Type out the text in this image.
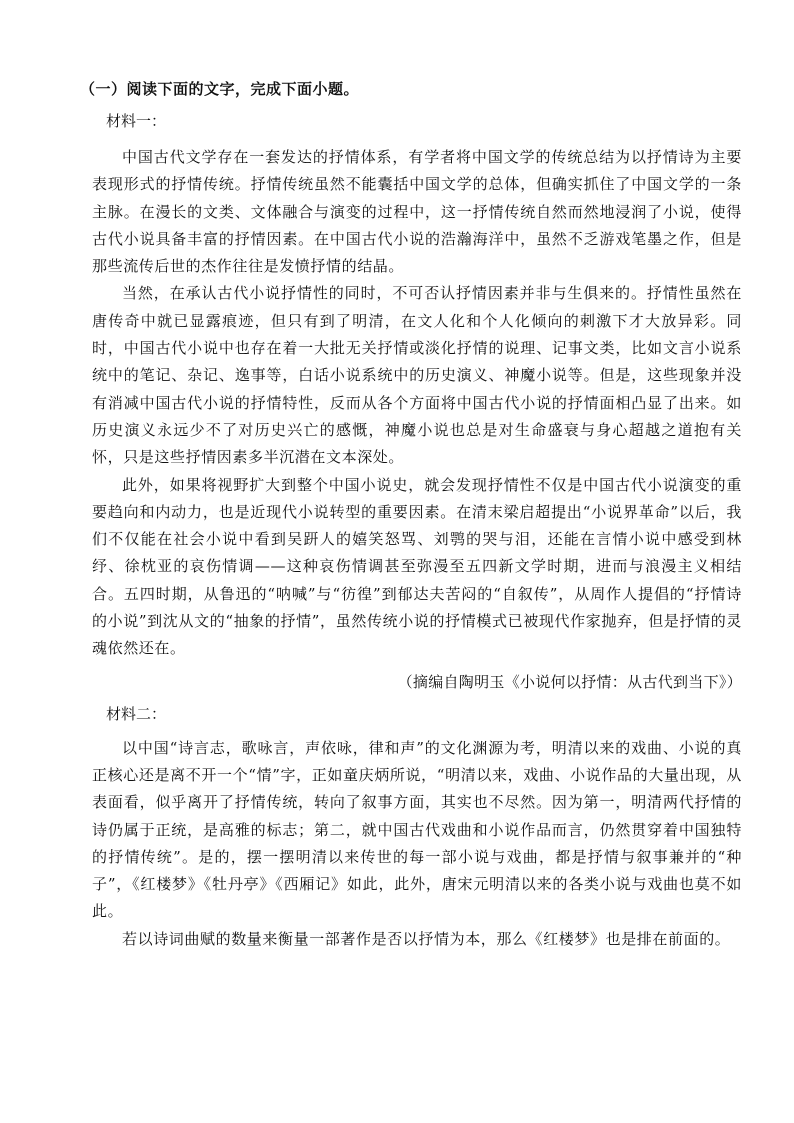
（一）阅读下面的文字，完成下面小题。
材料一：

中国古代文学存在一套发达的抒情体系，有学者将中国文学的传统总结为以抒情诗为主要表现形式的抒情传统。抒情传统虽然不能囊括中国文学的总体，但确实抓住了中国文学的一条主脉。在漫长的文类、文体融合与演变的过程中，这一抒情传统自然而然地浸润了小说，使得古代小说具备丰富的抒情因素。在中国古代小说的浩瀚海洋中，虽然不乏游戏笔墨之作，但是那些流传后世的杰作往往是发愤抒情的结晶。

当然，在承认古代小说抒情性的同时，不可否认抒情因素并非与生俱来的。抒情性虽然在唐传奇中就已显露痕迹，但只有到了明清，在文人化和个人化倾向的刺激下才大放异彩。同时，中国古代小说中也存在着一大批无关抒情或淡化抒情的说理、记事文类，比如文言小说系统中的笔记、杂记、逸事等，白话小说系统中的历史演义、神魔小说等。但是，这些现象并没有消减中国古代小说的抒情特性，反而从各个方面将中国古代小说的抒情面相凸显了出来。如历史演义永远少不了对历史兴亡的感慨，神魔小说也总是对生命盛衰与身心超越之道抱有关怀，只是这些抒情因素多半沉潜在文本深处。

此外，如果将视野扩大到整个中国小说史，就会发现抒情性不仅是中国古代小说演变的重要趋向和内动力，也是近现代小说转型的重要因素。在清末梁启超提出“小说界革命”以后，我们不仅能在社会小说中看到吴趼人的嬉笑怒骂、刘鹗的哭与泪，还能在言情小说中感受到林纾、徐枕亚的哀伤情调——这种哀伤情调甚至弥漫至五四新文学时期，进而与浪漫主义相结合。五四时期，从鲁迅的“呐喊”与“彷徨”到郁达夫苦闷的“自叙传”，从周作人提倡的“抒情诗的小说”到沈从文的“抽象的抒情”，虽然传统小说的抒情模式已被现代作家抛弃，但是抒情的灵魂依然还在。

（摘编自陶明玉《小说何以抒情：从古代到当下》）
材料二：

以中国“诗言志，歌咏言，声依咏，律和声”的文化渊源为考，明清以来的戏曲、小说的真正核心还是离不开一个“情”字，正如童庆炳所说，“明清以来，戏曲、小说作品的大量出现，从表面看，似乎离开了抒情传统，转向了叙事方面，其实也不尽然。因为第一，明清两代抒情的诗仍属于正统，是高雅的标志；第二，就中国古代戏曲和小说作品而言，仍然贯穿着中国独特的抒情传统”。是的，摆一摆明清以来传世的每一部小说与戏曲，都是抒情与叙事兼并的“种子”，《红楼梦》《牡丹亭》《西厢记》如此，此外，唐宋元明清以来的各类小说与戏曲也莫不如此。

若以诗词曲赋的数量来衡量一部著作是否以抒情为本，那么《红楼梦》也是排在前面的。
